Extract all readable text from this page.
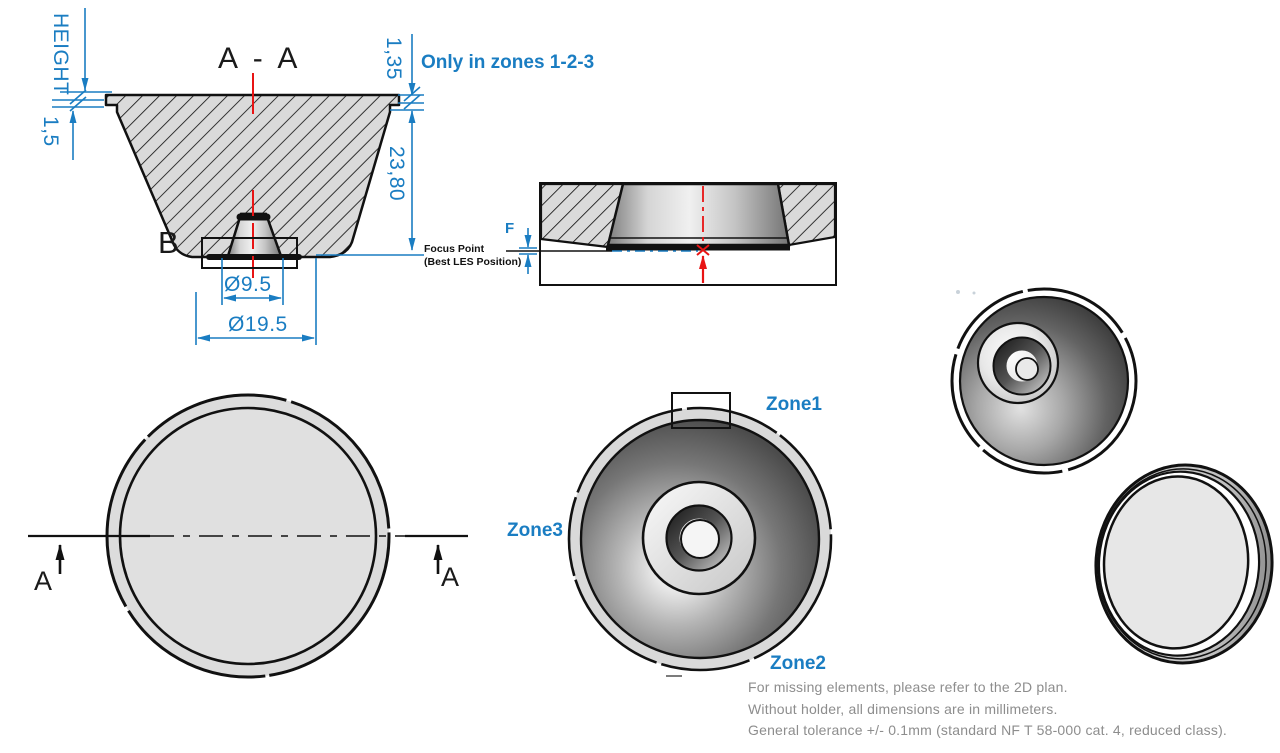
A - A
HEIGHT
1,5
1,35
23,80
Only in zones 1-2-3
B
Ø9.5
Ø19.5
Focus Point
(Best LES Position)
F
A	A
Zone1
Zone2
Zone3
For missing elements, please refer to the 2D plan.
Without holder, all dimensions are in millimeters.
General tolerance +/- 0.1mm (standard NF T 58-000 cat. 4, reduced class).
